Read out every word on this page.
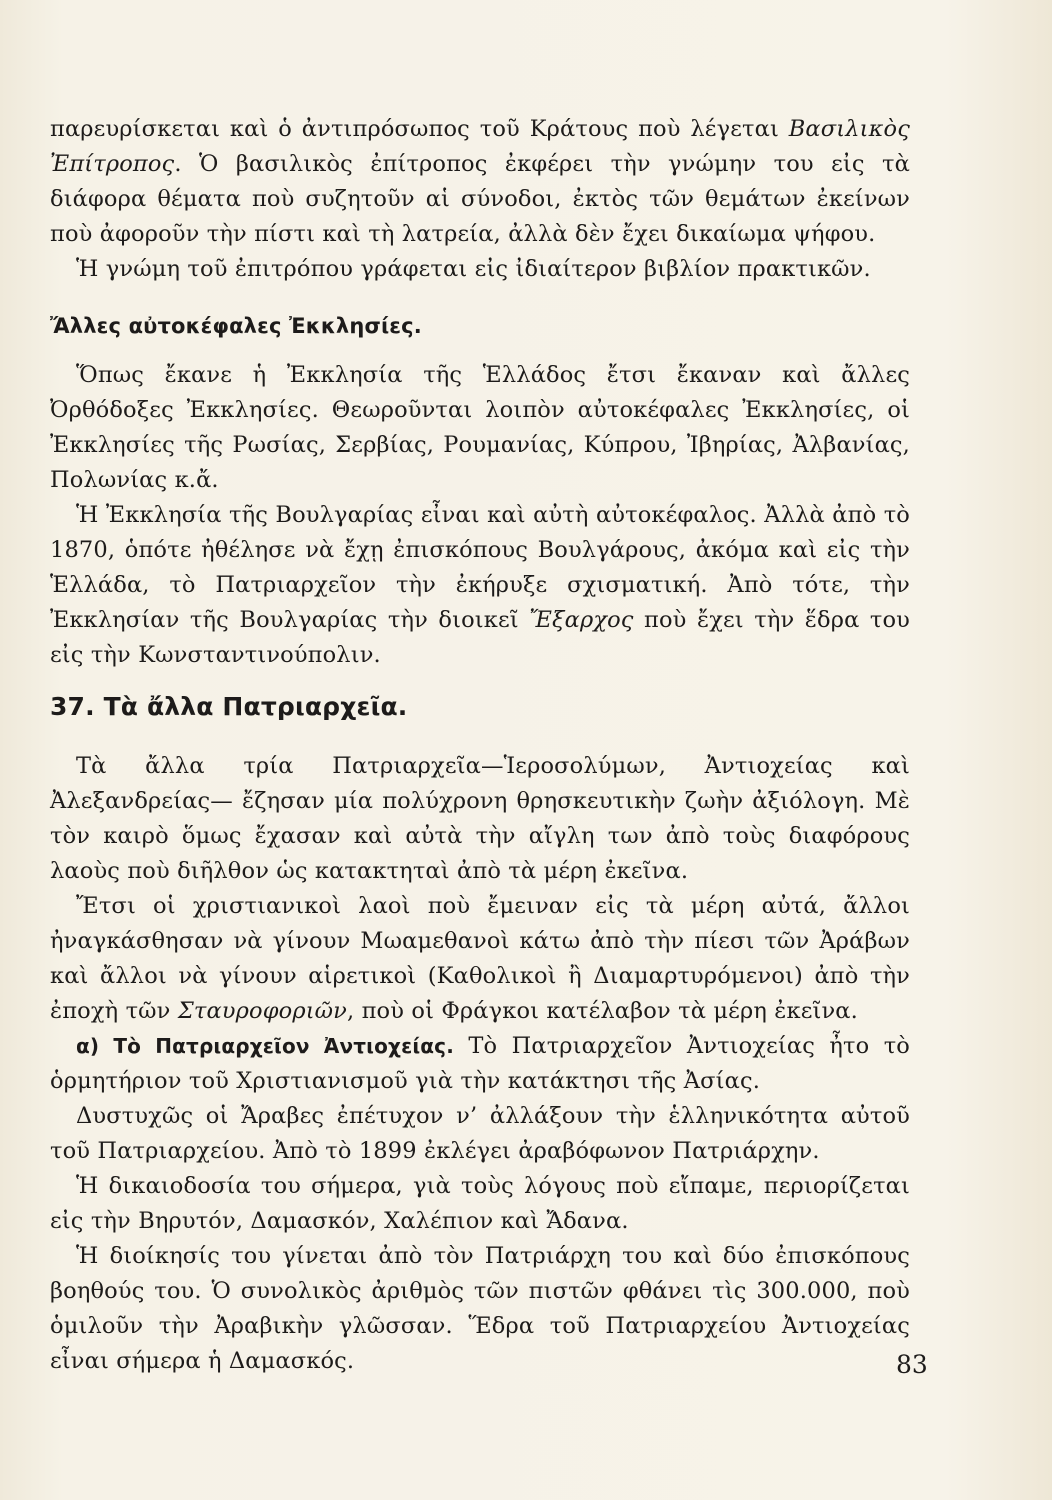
παρευρίσκεται καὶ ὁ ἀντιπρόσωπος τοῦ Κράτους ποὺ λέγεται Βασιλικὸς Ἐπίτροπος. Ὁ βασιλικὸς ἐπίτροπος ἐκφέρει τὴν γνώμην του εἰς τὰ διάφορα θέματα ποὺ συζητοῦν αἱ σύνοδοι, ἐκτὸς τῶν θεμάτων ἐκείνων ποὺ ἀφοροῦν τὴν πίστι καὶ τὴ λατρεία, ἀλλὰ δὲν ἔχει δικαίωμα ψήφου.

Ἡ γνώμη τοῦ ἐπιτρόπου γράφεται εἰς ἰδιαίτερον βιβλίον πρακτικῶν.

Ἄλλες αὐτοκέφαλες Ἐκκλησίες.

Ὅπως ἔκανε ἡ Ἐκκλησία τῆς Ἑλλάδος ἔτσι ἔκαναν καὶ ἄλλες Ὀρθόδοξες Ἐκκλησίες. Θεωροῦνται λοιπὸν αὐτοκέφαλες Ἐκκλησίες, οἱ Ἐκκλησίες τῆς Ρωσίας, Σερβίας, Ρουμανίας, Κύπρου, Ἰβηρίας, Ἀλβανίας, Πολωνίας κ.ἄ.

Ἡ Ἐκκλησία τῆς Βουλγαρίας εἶναι καὶ αὐτὴ αὐτοκέφαλος. Ἀλλὰ ἀπὸ τὸ 1870, ὁπότε ἠθέλησε νὰ ἔχῃ ἐπισκόπους Βουλγάρους, ἀκόμα καὶ εἰς τὴν Ἑλλάδα, τὸ Πατριαρχεῖον τὴν ἐκήρυξε σχισματική. Ἀπὸ τότε, τὴν Ἐκκλησίαν τῆς Βουλγαρίας τὴν διοικεῖ Ἔξαρχος ποὺ ἔχει τὴν ἕδρα του εἰς τὴν Κωνσταντινούπολιν.

37. Τὰ ἄλλα Πατριαρχεῖα.

Τὰ ἄλλα τρία Πατριαρχεῖα—Ἱεροσολύμων, Ἀντιοχείας καὶ Ἀλεξανδρείας— ἔζησαν μία πολύχρονη θρησκευτικὴν ζωὴν ἀξιόλογη. Μὲ τὸν καιρὸ ὅμως ἔχασαν καὶ αὐτὰ τὴν αἴγλη των ἀπὸ τοὺς διαφόρους λαοὺς ποὺ διῆλθον ὡς κατακτηταὶ ἀπὸ τὰ μέρη ἐκεῖνα.

Ἔτσι οἱ χριστιανικοὶ λαοὶ ποὺ ἔμειναν εἰς τὰ μέρη αὐτά, ἄλλοι ἠναγκάσθησαν νὰ γίνουν Μωαμεθανοὶ κάτω ἀπὸ τὴν πίεσι τῶν Ἀράβων καὶ ἄλλοι νὰ γίνουν αἱρετικοὶ (Καθολικοὶ ἢ Διαμαρτυρόμενοι) ἀπὸ τὴν ἐποχὴ τῶν Σταυροφοριῶν, ποὺ οἱ Φράγκοι κατέλαβον τὰ μέρη ἐκεῖνα.

α) Τὸ Πατριαρχεῖον Ἀντιοχείας. Τὸ Πατριαρχεῖον Ἀντιοχείας ἦτο τὸ ὁρμητήριον τοῦ Χριστιανισμοῦ γιὰ τὴν κατάκτησι τῆς Ἀσίας.

Δυστυχῶς οἱ Ἄραβες ἐπέτυχον ν’ ἀλλάξουν τὴν ἑλληνικότητα αὐτοῦ τοῦ Πατριαρχείου. Ἀπὸ τὸ 1899 ἐκλέγει ἀραβόφωνον Πατριάρχην.

Ἡ δικαιοδοσία του σήμερα, γιὰ τοὺς λόγους ποὺ εἴπαμε, περιορίζεται εἰς τὴν Βηρυτόν, Δαμασκόν, Χαλέπιον καὶ Ἄδανα.

Ἡ διοίκησίς του γίνεται ἀπὸ τὸν Πατριάρχη του καὶ δύο ἐπισκόπους βοηθούς του. Ὁ συνολικὸς ἀριθμὸς τῶν πιστῶν φθάνει τὶς 300.000, ποὺ ὁμιλοῦν τὴν Ἀραβικὴν γλῶσσαν. Ἕδρα τοῦ Πατριαρχείου Ἀντιοχείας εἶναι σήμερα ἡ Δαμασκός.	83
